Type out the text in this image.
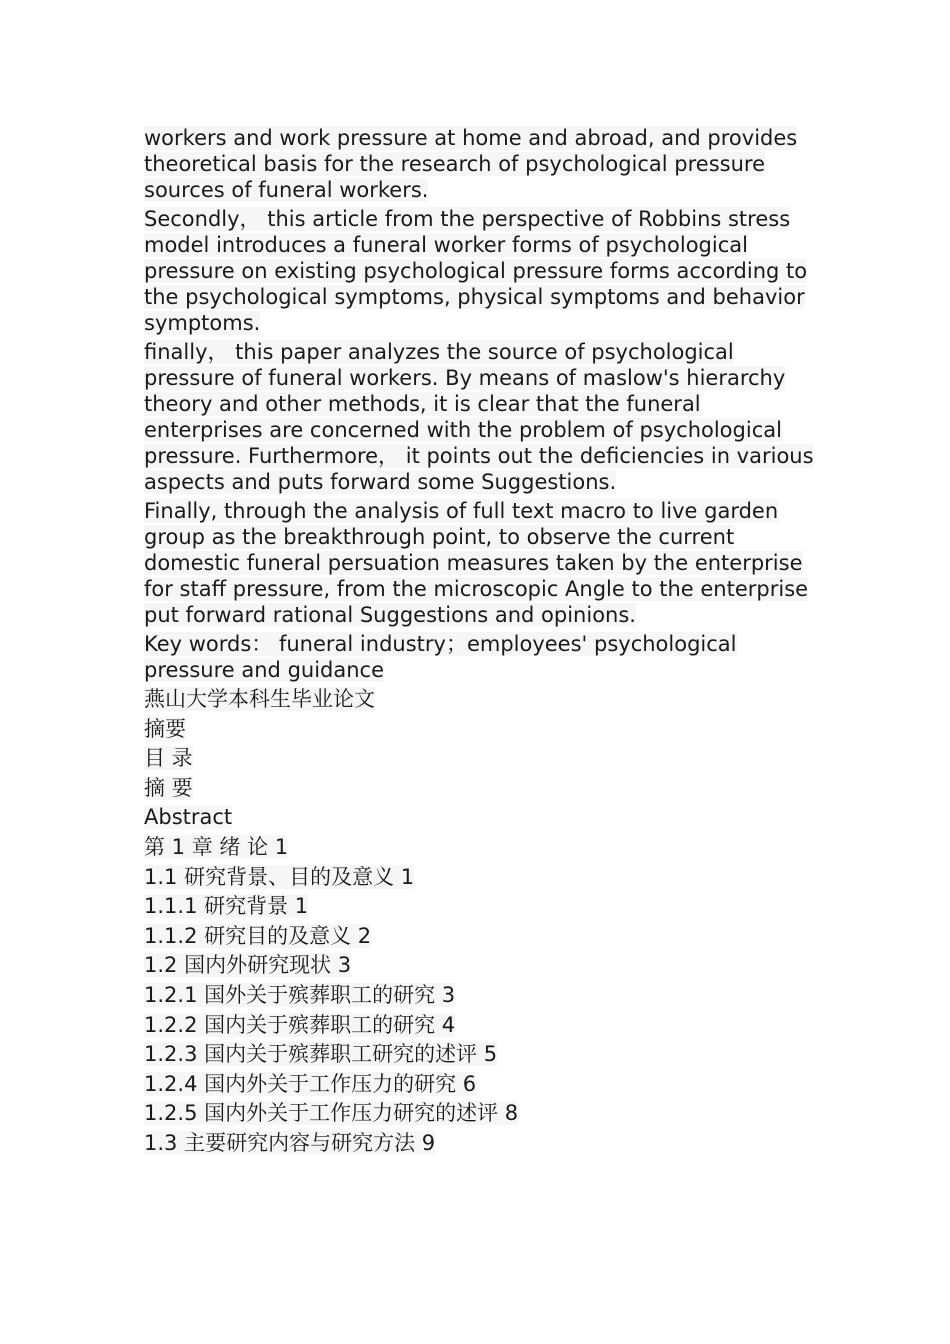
workers and work pressure at home and abroad, and provides theoretical basis for the research of psychological pressure sources of funeral workers.

Secondly， this article from the perspective of Robbins stress model introduces a funeral worker forms of psychological pressure on existing psychological pressure forms according to the psychological symptoms, physical symptoms and behavior symptoms.

finally， this paper analyzes the source of psychological pressure of funeral workers. By means of maslow's hierarchy theory and other methods, it is clear that the funeral enterprises are concerned with the problem of psychological pressure. Furthermore， it points out the deficiencies in various aspects and puts forward some Suggestions.

Finally, through the analysis of full text macro to live garden group as the breakthrough point, to observe the current domestic funeral persuation measures taken by the enterprise for staff pressure, from the microscopic Angle to the enterprise put forward rational Suggestions and opinions.

Key words： funeral industry；employees' psychological pressure and guidance

燕山大学本科生毕业论文
摘要
目 录
摘 要
Abstract
第 1 章 绪 论 1
1.1 研究背景、目的及意义 1
1.1.1 研究背景 1
1.1.2 研究目的及意义 2
1.2 国内外研究现状 3
1.2.1 国外关于殡葬职工的研究 3
1.2.2 国内关于殡葬职工的研究 4
1.2.3 国内关于殡葬职工研究的述评 5
1.2.4 国内外关于工作压力的研究 6
1.2.5 国内外关于工作压力研究的述评 8
1.3 主要研究内容与研究方法 9
